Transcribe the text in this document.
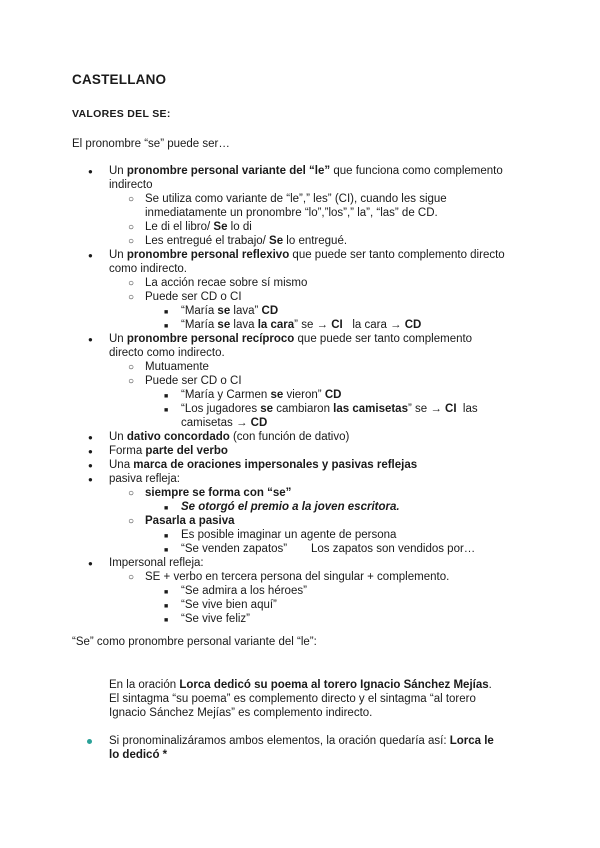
CASTELLANO
VALORES DEL SE:
El pronombre “se” puede ser…
●
Un pronombre personal variante del “le” que funciona como complemento
indirecto
○
Se utiliza como variante de “le”,” les” (CI), cuando les sigue
inmediatamente un pronombre “lo”,”los”,” la”, “las” de CD.
○
Le di el libro/ Se lo di
○
Les entregué el trabajo/ Se lo entregué.
●
Un pronombre personal reflexivo que puede ser tanto complemento directo
como indirecto.
○
La acción recae sobre sí mismo
○
Puede ser CD o CI
■
“María se lava” CD
■
“María se lava la cara” se → CI   la cara → CD
●
Un pronombre personal recíproco que puede ser tanto complemento
directo como indirecto.
○
Mutuamente
○
Puede ser CD o CI
■
“María y Carmen se vieron” CD
■
“Los jugadores se cambiaron las camisetas” se → CI  las
camisetas → CD
●
Un dativo concordado (con función de dativo)
●
Forma parte del verbo
●
Una marca de oraciones impersonales y pasivas reflejas
●
pasiva refleja:
○
siempre se forma con “se”
■
Se otorgó el premio a la joven escritora.
○
Pasarla a pasiva
■
Es posible imaginar un agente de persona
■
“Se venden zapatos” Los zapatos son vendidos por…
●
Impersonal refleja:
○
SE + verbo en tercera persona del singular + complemento.
■
“Se admira a los héroes”
■
“Se vive bien aquí”
■
“Se vive feliz”
“Se” como pronombre personal variante del “le”:
En la oración Lorca dedicó su poema al torero Ignacio Sánchez Mejías.
El sintagma “su poema” es complemento directo y el sintagma “al torero
Ignacio Sánchez Mejías” es complemento indirecto.
Si pronominalizáramos ambos elementos, la oración quedaría así: Lorca le
lo dedicó *
